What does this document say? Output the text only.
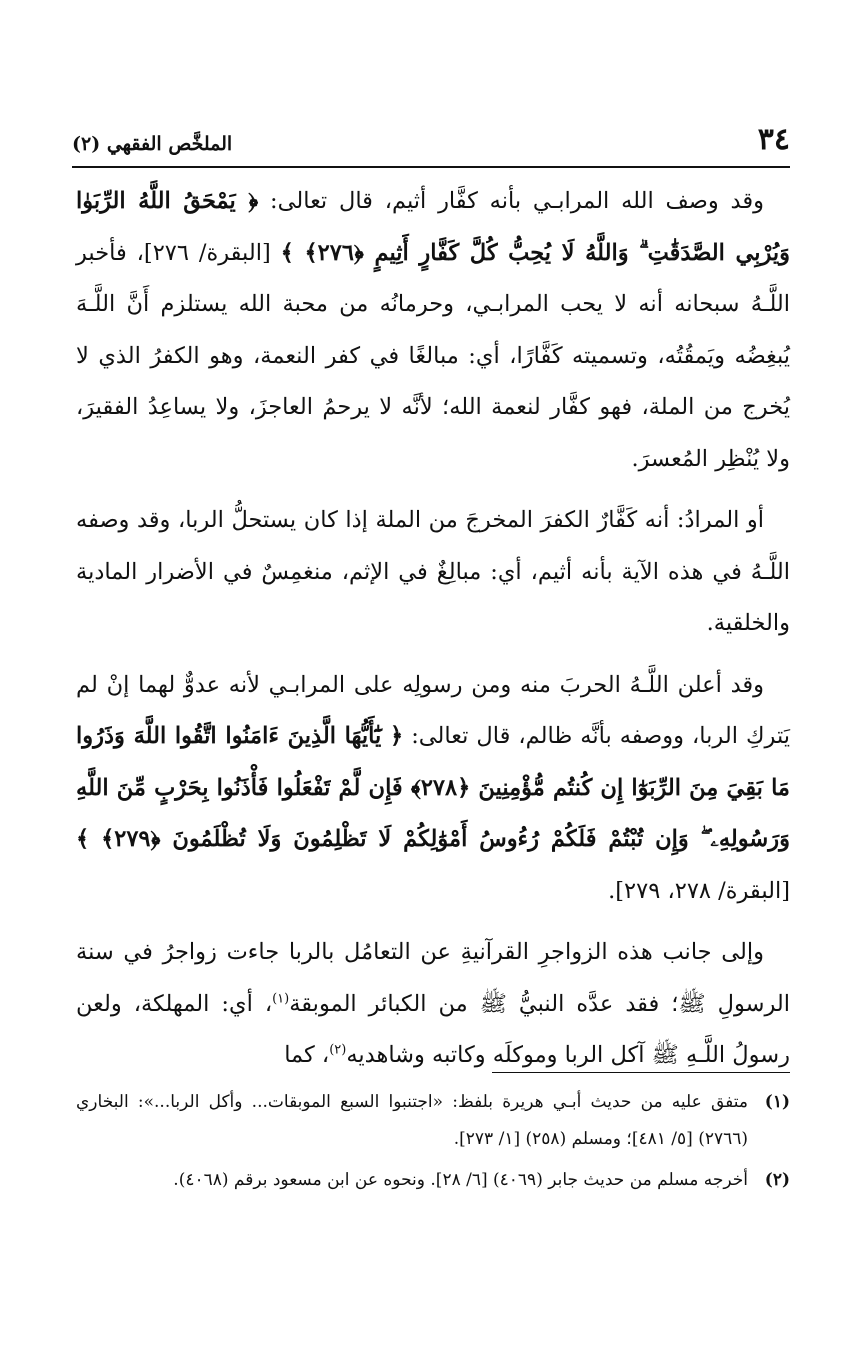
٣٤
الملخَّص الفقهي (٢)

وقد وصف الله المرابـي بأنه كفَّار أثيم، قال تعالى: ﴿ يَمْحَقُ اللَّهُ الرِّبَوٰا وَيُرْبِي الصَّدَقَٰتِ ۗ وَاللَّهُ لَا يُحِبُّ كُلَّ كَفَّارٍ أَثِيمٍ ﴿٢٧٦﴾ ﴾ [البقرة/ ٢٧٦]، فأخبر اللَّـهُ سبحانه أنه لا يحب المرابـي، وحرمانُه من محبة الله يستلزم أَنَّ اللَّـهَ يُبغِضُه ويَمقُتُه، وتسميته كَفَّارًا، أي: مبالغًا في كفر النعمة، وهو الكفرُ الذي لا يُخرج من الملة، فهو كفَّار لنعمة الله؛ لأنَّه لا يرحمُ العاجزَ، ولا يساعِدُ الفقيرَ، ولا يُنْظِر المُعسرَ.

أو المرادُ: أنه كَفَّارٌ الكفرَ المخرجَ من الملة إذا كان يستحلُّ الربا، وقد وصفه اللَّـهُ في هذه الآية بأنه أثيم، أي: مبالِغٌ في الإثم، منغمِسٌ في الأضرار المادية والخلقية.

وقد أعلن اللَّـهُ الحربَ منه ومن رسولِه على المرابـي لأنه عدوٌّ لهما إنْ لم يَتركِ الربا، ووصفه بأنَّه ظالم، قال تعالى: ﴿ يَٰٓأَيُّهَا الَّذِينَ ءَامَنُوا اتَّقُوا اللَّهَ وَذَرُوا مَا بَقِيَ مِنَ الرِّبَوٰٓا إِن كُنتُم مُّؤْمِنِينَ ﴿٢٧٨﴾ فَإِن لَّمْ تَفْعَلُوا فَأْذَنُوا بِحَرْبٍ مِّنَ اللَّهِ وَرَسُولِهِۦ ۖ وَإِن تُبْتُمْ فَلَكُمْ رُءُوسُ أَمْوَٰلِكُمْ لَا تَظْلِمُونَ وَلَا تُظْلَمُونَ ﴿٢٧٩﴾ ﴾ [البقرة/ ٢٧٨، ٢٧٩].

وإلى جانب هذه الزواجرِ القرآنيةِ عن التعامُل بالربا جاءت زواجرُ في سنة الرسولِ ﷺ؛ فقد عدَّه النبيُّ ﷺ من الكبائر الموبقة$^{(١)}$، أي: المهلكة، ولعن رسولُ اللَّـهِ ﷺ آكل الربا وموكلَه وكاتبه وشاهديه$^{(٢)}$، كما

(١)
متفق عليه من حديث أبـي هريرة بلفظ: «اجتنبوا السبع الموبقات... وأكل الربا...»: البخاري (٢٧٦٦) [٥/ ٤٨١]؛ ومسلم (٢٥٨) [١/ ٢٧٣].
(٢)
أخرجه مسلم من حديث جابر (٤٠٦٩) [٦/ ٢٨]. ونحوه عن ابن مسعود برقم (٤٠٦٨).
